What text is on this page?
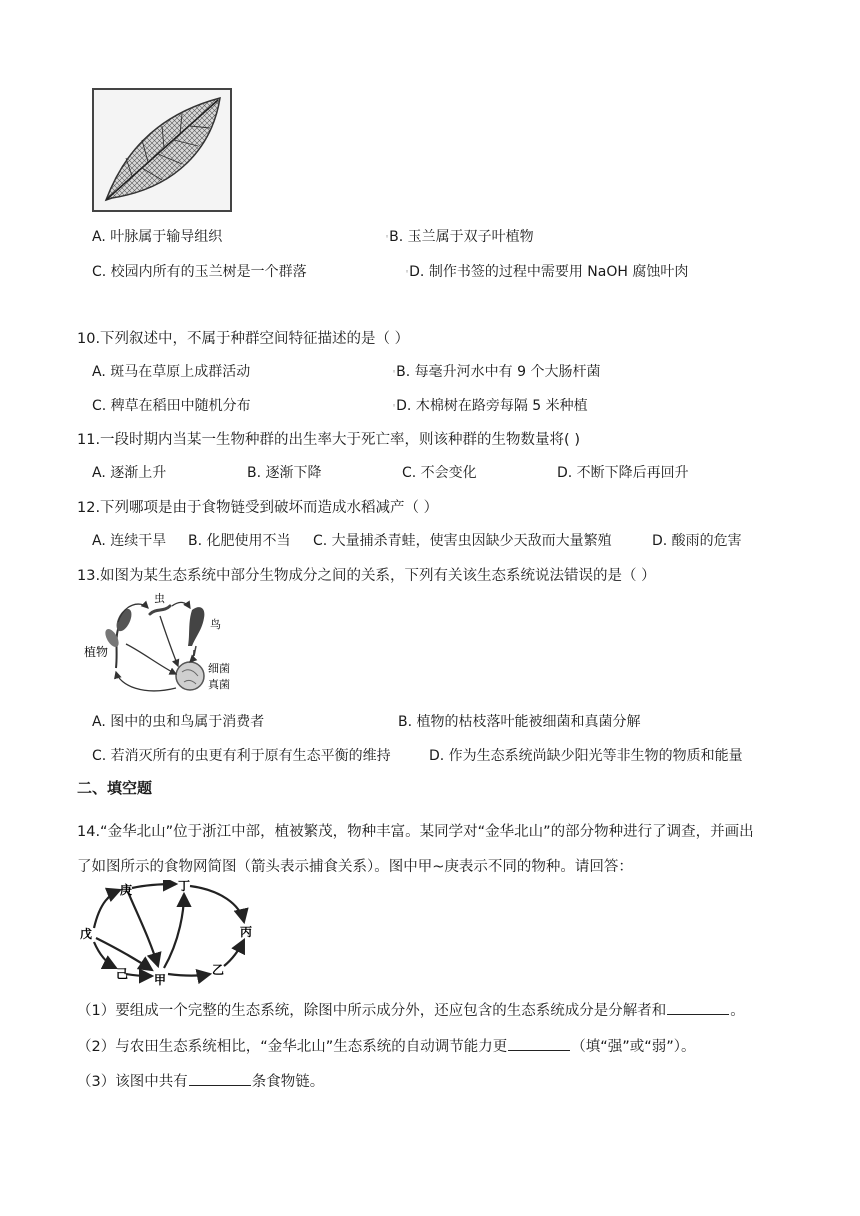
A. 叶脉属于输导组织	◦B. 玉兰属于双子叶植物
C. 校园内所有的玉兰树是一个群落	◦D. 制作书签的过程中需要用 NaOH 腐蚀叶肉
10.下列叙述中，不属于种群空间特征描述的是（ ）
A. 斑马在草原上成群活动	◦B. 每毫升河水中有 9 个大肠杆菌
C. 稗草在稻田中随机分布	◦D. 木棉树在路旁每隔 5 米种植
11.一段时期内当某一生物种群的出生率大于死亡率，则该种群的生物数量将( )
A. 逐渐上升	B. 逐渐下降	C. 不会变化	D. 不断下降后再回升
12.下列哪项是由于食物链受到破坏而造成水稻减产（ ）
A. 连续干旱 B. 化肥使用不当 C. 大量捕杀青蛙，使害虫因缺少天敌而大量繁殖	D. 酸雨的危害
13.如图为某生态系统中部分生物成分之间的关系，下列有关该生态系统说法错误的是（ ）
植物
虫
鸟
细菌
真菌
A. 图中的虫和鸟属于消费者	B. 植物的枯枝落叶能被细菌和真菌分解
C. 若消灭所有的虫更有利于原有生态平衡的维持	D. 作为生态系统尚缺少阳光等非生物的物质和能量
二、填空题
14.“金华北山”位于浙江中部，植被繁茂，物种丰富。某同学对“金华北山”的部分物种进行了调查，并画出
了如图所示的食物网简图（箭头表示捕食关系）。图中甲~庚表示不同的物种。请回答：
庚	丁
戊	丙
己 甲
乙
（1）要组成一个完整的生态系统，除图中所示成分外，还应包含的生态系统成分是分解者和	。
（2）与农田生态系统相比，“金华北山”生态系统的自动调节能力更	（填“强”或“弱”）。
（3）该图中共有	条食物链。
